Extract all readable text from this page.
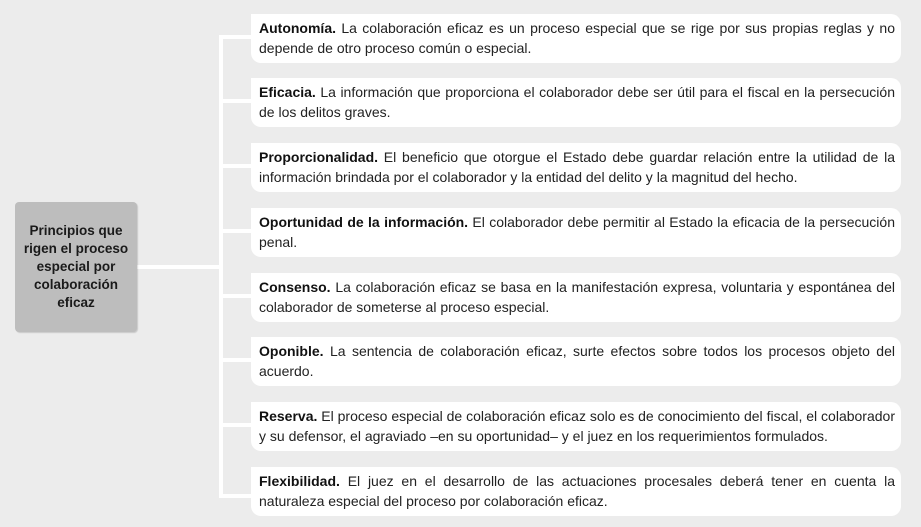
Principios que rigen el proceso especial por colaboración eficaz
Autonomía. La colaboración eficaz es un proceso especial que se rige por sus propias reglas y no depende de otro proceso común o especial.
Eficacia. La información que proporciona el colaborador debe ser útil para el fiscal en la persecución de los delitos graves.
Proporcionalidad. El beneficio que otorgue el Estado debe guardar relación entre la utilidad de la información brindada por el colaborador y la entidad del delito y la magnitud del hecho.
Oportunidad de la información. El colaborador debe permitir al Estado la eficacia de la persecución penal.
Consenso. La colaboración eficaz se basa en la manifestación expresa, voluntaria y espontánea del colaborador de someterse al proceso especial.
Oponible. La sentencia de colaboración eficaz, surte efectos sobre todos los procesos objeto del acuerdo.
Reserva. El proceso especial de colaboración eficaz solo es de conocimiento del fiscal, el colaborador y su defensor, el agraviado –en su oportunidad– y el juez en los requerimientos formulados.
Flexibilidad. El juez en el desarrollo de las actuaciones procesales deberá tener en cuenta la naturaleza especial del proceso por colaboración eficaz.
